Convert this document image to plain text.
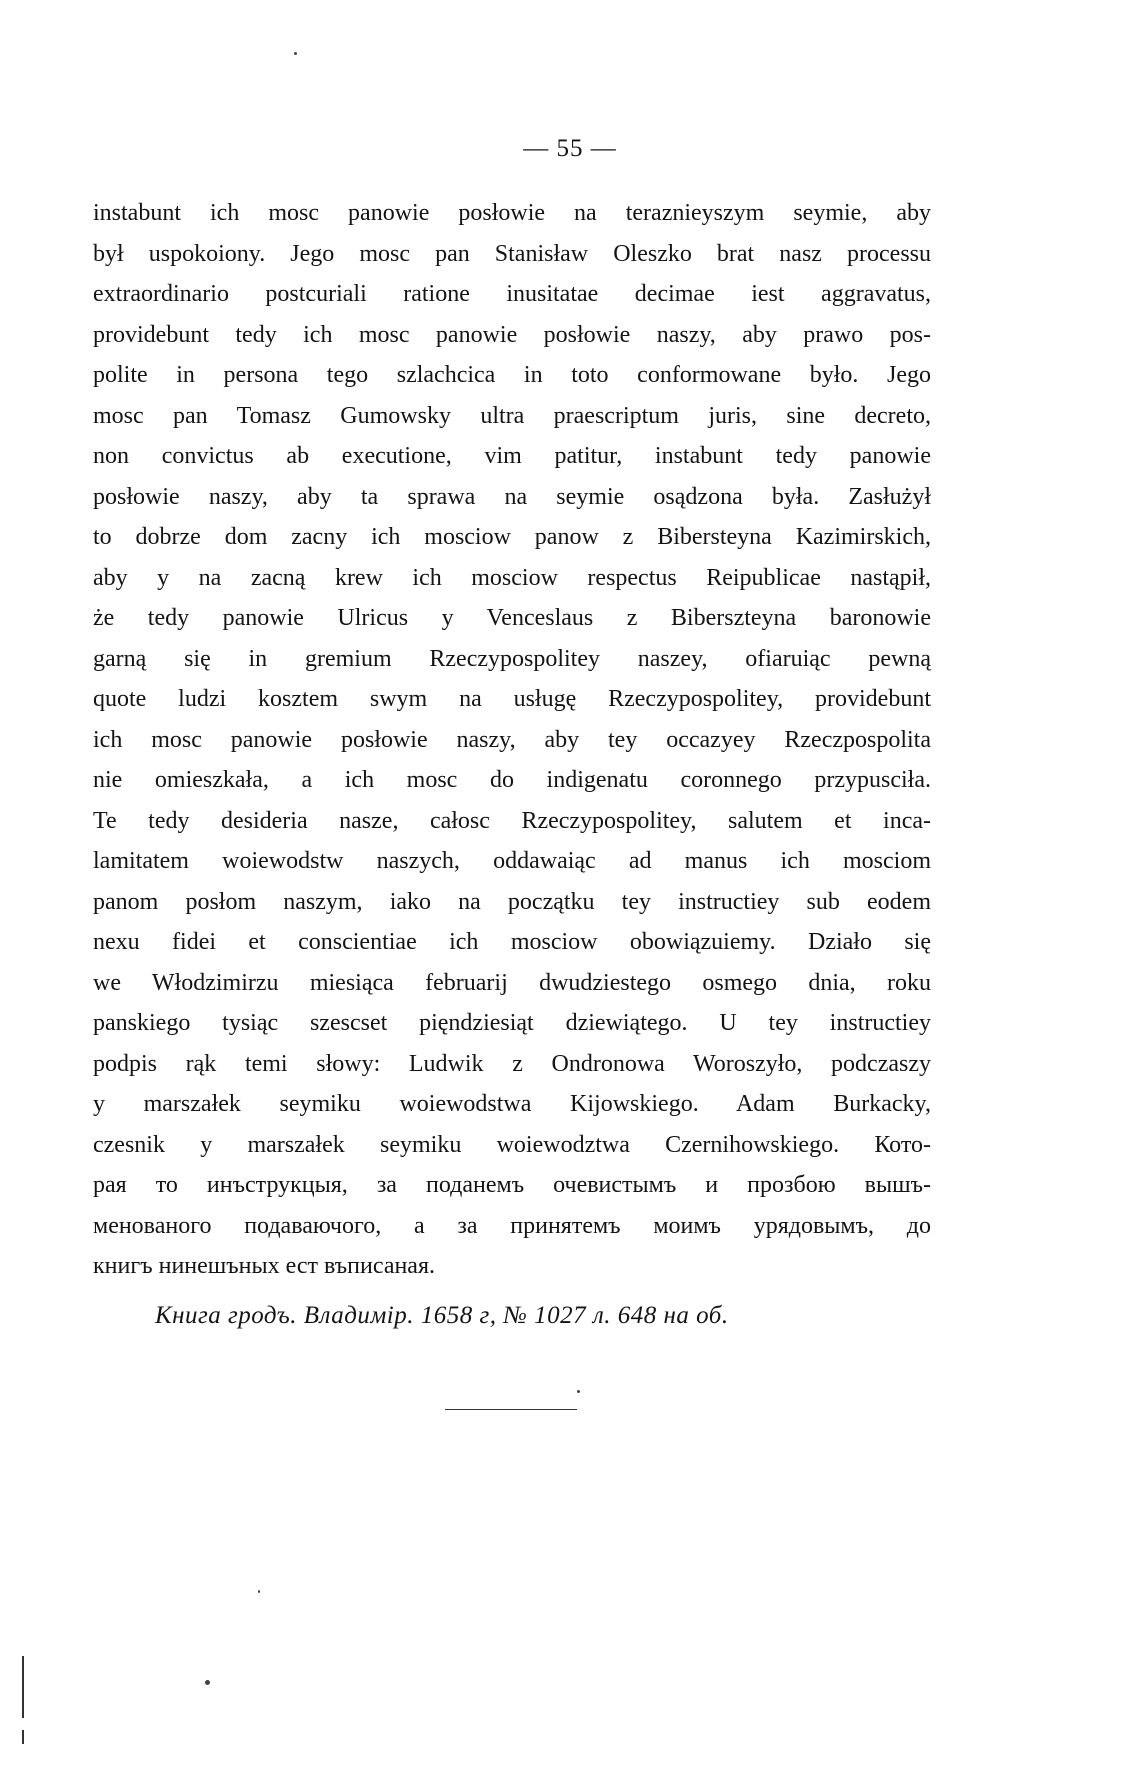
— 55 —
instabunt ich mosc panowie posłowie na teraznieyszym seymie, aby
był uspokoiony. Jego mosc pan Stanisław Oleszko brat nasz processu
extraordinario postcuriali ratione inusitatae decimae iest aggravatus,
providebunt tedy ich mosc panowie posłowie naszy, aby prawo pos-
polite in persona tego szlachcica in toto conformowane było. Jego
mosc pan Tomasz Gumowsky ultra praescriptum juris, sine decreto,
non convictus ab executione, vim patitur, instabunt tedy panowie
posłowie naszy, aby ta sprawa na seymie osądzona była. Zasłużył
to dobrze dom zacny ich mosciow panow z Bibersteyna Kazimirskich,
aby y na zacną krew ich mosciow respectus Reipublicae nastąpił,
że tedy panowie Ulricus y Venceslaus z Biberszteyna baronowie
garną się in gremium Rzeczypospolitey naszey, ofiaruiąc pewną
quote ludzi kosztem swym na usługę Rzeczypospolitey, providebunt
ich mosc panowie posłowie naszy, aby tey occazyey Rzeczpospolita
nie omieszkała, a ich mosc do indigenatu coronnego przypusciła.
Te tedy desideria nasze, całosc Rzeczypospolitey, salutem et inca-
lamitatem woiewodstw naszych, oddawaiąc ad manus ich mosciom
panom posłom naszym, iako na początku tey instructiey sub eodem
nexu fidei et conscientiae ich mosciow obowiązuiemy. Działo się
we Włodzimirzu miesiąca februarij dwudziestego osmego dnia, roku
panskiego tysiąc szescset pięndziesiąt dziewiątego. U tey instructiey
podpis rąk temi słowy: Ludwik z Ondronowa Woroszyło, podczaszy
y marszałek seymiku woiewodstwa Kijowskiego. Adam Burkacky,
czesnik y marszałek seymiku woiewodztwa Czernihowskiego. Кото-
рая то инъструкцыя, за поданемъ очевистымъ и прозбою вышъ-
менованого подаваючого, а за принятемъ моимъ урядовымъ, до
книгъ нинешъных ест въписаная.
Книга гродъ. Владимір. 1658 г, № 1027 л. 648 на об.
